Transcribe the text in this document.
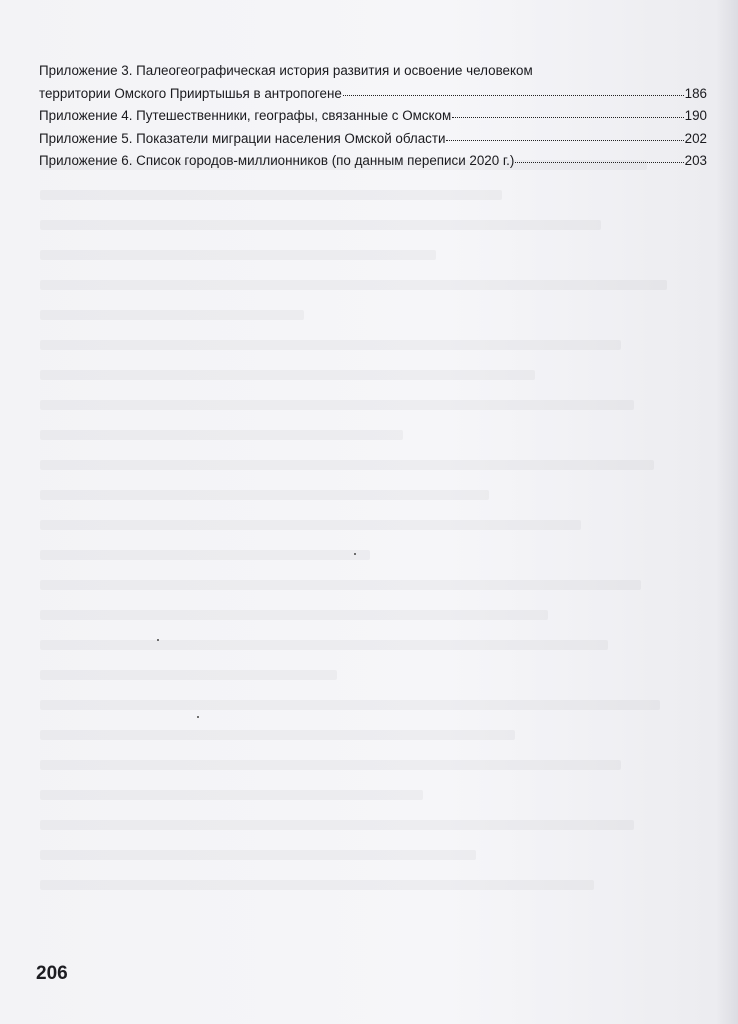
Приложение 3. Палеогеографическая история развития и освоение человеком
территории Омского Прииртышья в антропогене	186
Приложение 4. Путешественники, географы, связанные с Омском	190
Приложение 5. Показатели миграции населения Омской области	202
Приложение 6. Список городов-миллионников (по данным переписи 2020 г.)	203
206
